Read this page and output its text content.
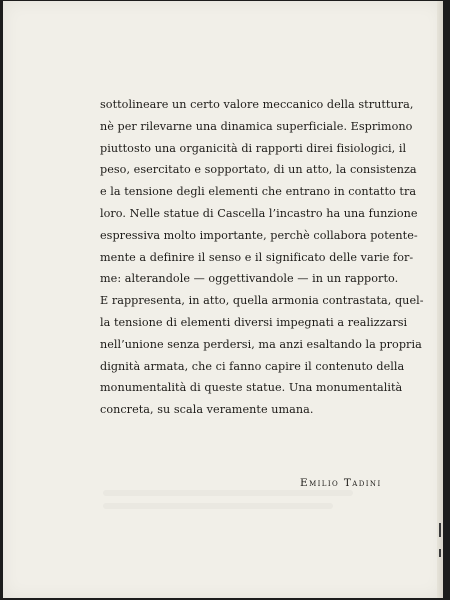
sottolineare un certo valore meccanico della struttura,
nè per rilevarne una dinamica superficiale. Esprimono
piuttosto una organicità di rapporti direi fisiologici, il
peso, esercitato e sopportato, di un atto, la consistenza
e la tensione degli elementi che entrano in contatto tra
loro. Nelle statue di Cascella l’incastro ha una funzione
espressiva molto importante, perchè collabora potente-
mente a definire il senso e il significato delle varie for-
me: alterandole — oggettivandole — in un rapporto.
E rappresenta, in atto, quella armonia contrastata, quel-
la tensione di elementi diversi impegnati a realizzarsi
nell’unione senza perdersi, ma anzi esaltando la propria
dignità armata, che ci fanno capire il contenuto della
monumentalità di queste statue. Una monumentalità
concreta, su scala veramente umana.
Emilio Tadini
